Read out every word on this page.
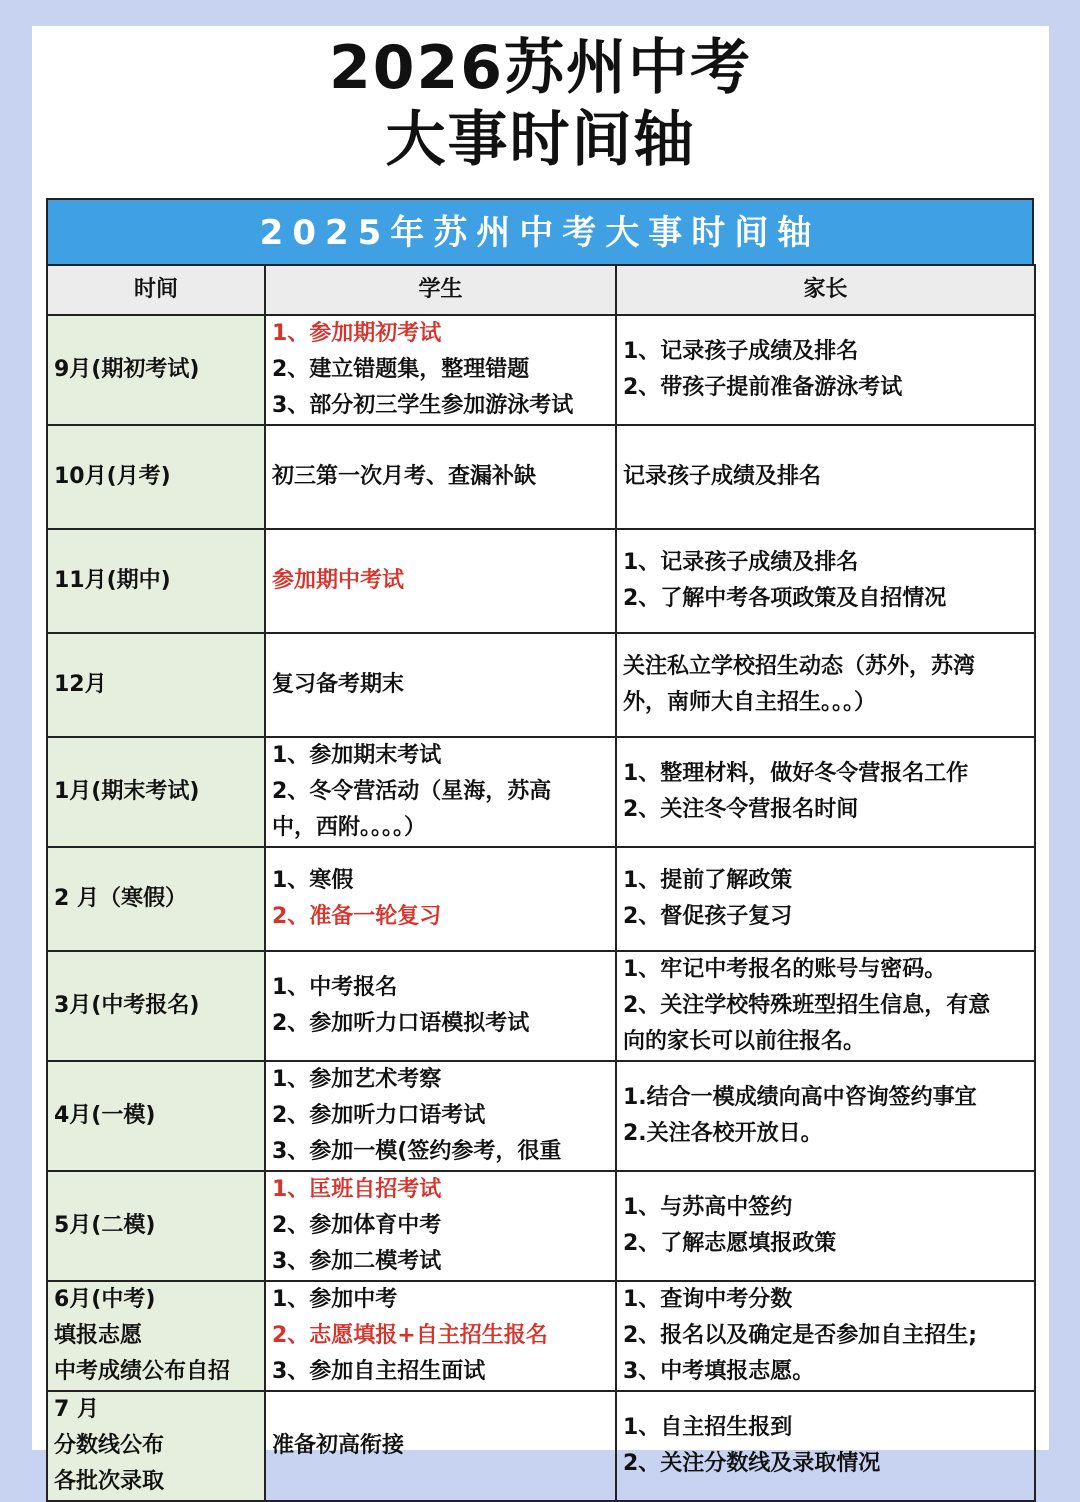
2026苏州中考
大事时间轴
2025年苏州中考大事时间轴
时间	学生	家长

9月(期初考试)	1、参加期初考试
2、建立错题集，整理错题
3、部分初三学生参加游泳考试	1、记录孩子成绩及排名
2、带孩子提前准备游泳考试

10月(月考)	初三第一次月考、查漏补缺	记录孩子成绩及排名

11月(期中)	参加期中考试	1、记录孩子成绩及排名
2、了解中考各项政策及自招情况

12月	复习备考期末	关注私立学校招生动态（苏外，苏湾
外，南师大自主招生。。。）

1月(期末考试)	1、参加期末考试
2、冬令营活动（星海，苏高
中，西附。。。。）	1、整理材料，做好冬令营报名工作
2、关注冬令营报名时间

2 月（寒假）	1、寒假
2、准备一轮复习	1、提前了解政策
2、督促孩子复习

3月(中考报名)	1、中考报名
2、参加听力口语模拟考试	1、牢记中考报名的账号与密码。
2、关注学校特殊班型招生信息，有意
向的家长可以前往报名。

4月(一模)	1、参加艺术考察
2、参加听力口语考试
3、参加一模(签约参考，很重	1.结合一模成绩向高中咨询签约事宜
2.关注各校开放日。

5月(二模)	1、匡班自招考试
2、参加体育中考
3、参加二模考试	1、与苏高中签约
2、了解志愿填报政策

6月(中考)
填报志愿
中考成绩公布自招	1、参加中考
2、志愿填报+自主招生报名
3、参加自主招生面试	1、查询中考分数
2、报名以及确定是否参加自主招生;
3、中考填报志愿。

7 月
分数线公布
各批次录取	准备初高衔接	1、自主招生报到
2、关注分数线及录取情况
